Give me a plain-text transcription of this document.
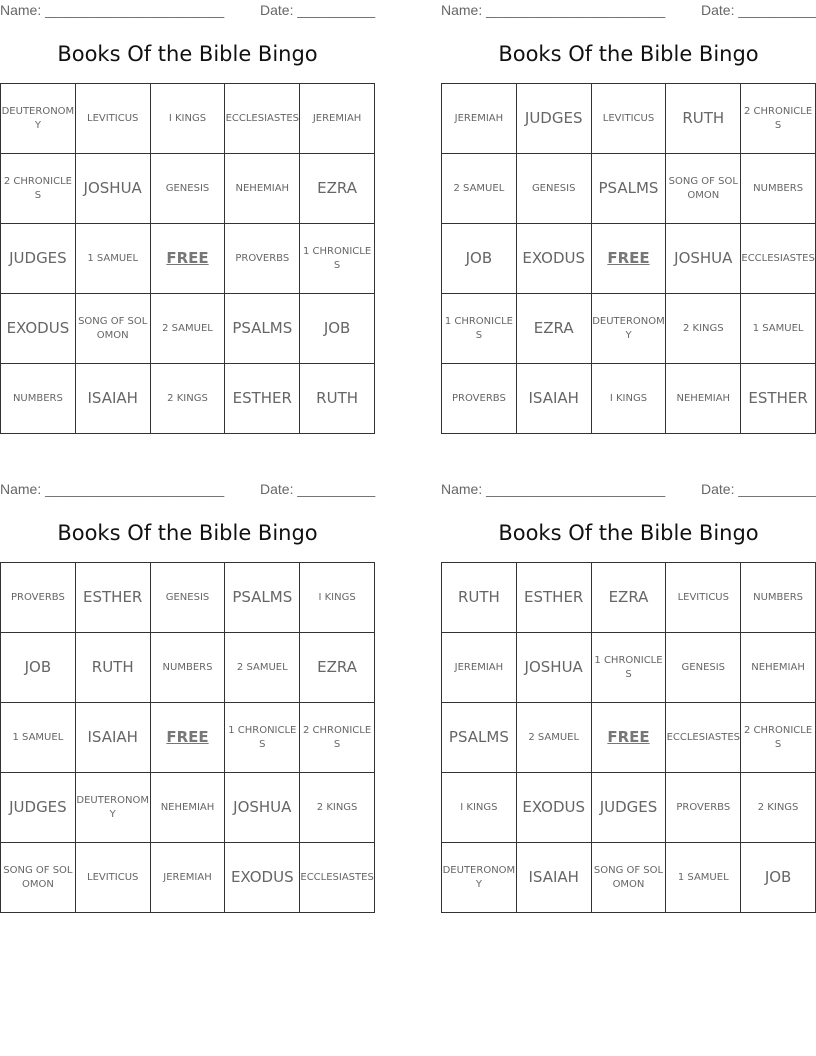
Name: _______________________	Date: __________
Books Of the Bible Bingo
DEUTERONOMY	LEVITICUS	I KINGS	ECCLESIASTES	JEREMIAH
2 CHRONICLES	JOSHUA	GENESIS	NEHEMIAH	EZRA
JUDGES	1 SAMUEL	FREE	PROVERBS	1 CHRONICLES
EXODUS	SONG OF SOLOMON	2 SAMUEL	PSALMS	JOB
NUMBERS	ISAIAH	2 KINGS	ESTHER	RUTH
Name: _______________________	Date: __________
Books Of the Bible Bingo
JEREMIAH	JUDGES	LEVITICUS	RUTH	2 CHRONICLES
2 SAMUEL	GENESIS	PSALMS	SONG OF SOLOMON	NUMBERS
JOB	EXODUS	FREE	JOSHUA	ECCLESIASTES
1 CHRONICLES	EZRA	DEUTERONOMY	2 KINGS	1 SAMUEL
PROVERBS	ISAIAH	I KINGS	NEHEMIAH	ESTHER
Name: _______________________	Date: __________
Books Of the Bible Bingo
PROVERBS	ESTHER	GENESIS	PSALMS	I KINGS
JOB	RUTH	NUMBERS	2 SAMUEL	EZRA
1 SAMUEL	ISAIAH	FREE	1 CHRONICLES	2 CHRONICLES
JUDGES	DEUTERONOMY	NEHEMIAH	JOSHUA	2 KINGS
SONG OF SOLOMON	LEVITICUS	JEREMIAH	EXODUS	ECCLESIASTES
Name: _______________________	Date: __________
Books Of the Bible Bingo
RUTH	ESTHER	EZRA	LEVITICUS	NUMBERS
JEREMIAH	JOSHUA	1 CHRONICLES	GENESIS	NEHEMIAH
PSALMS	2 SAMUEL	FREE	ECCLESIASTES	2 CHRONICLES
I KINGS	EXODUS	JUDGES	PROVERBS	2 KINGS
DEUTERONOMY	ISAIAH	SONG OF SOLOMON	1 SAMUEL	JOB
